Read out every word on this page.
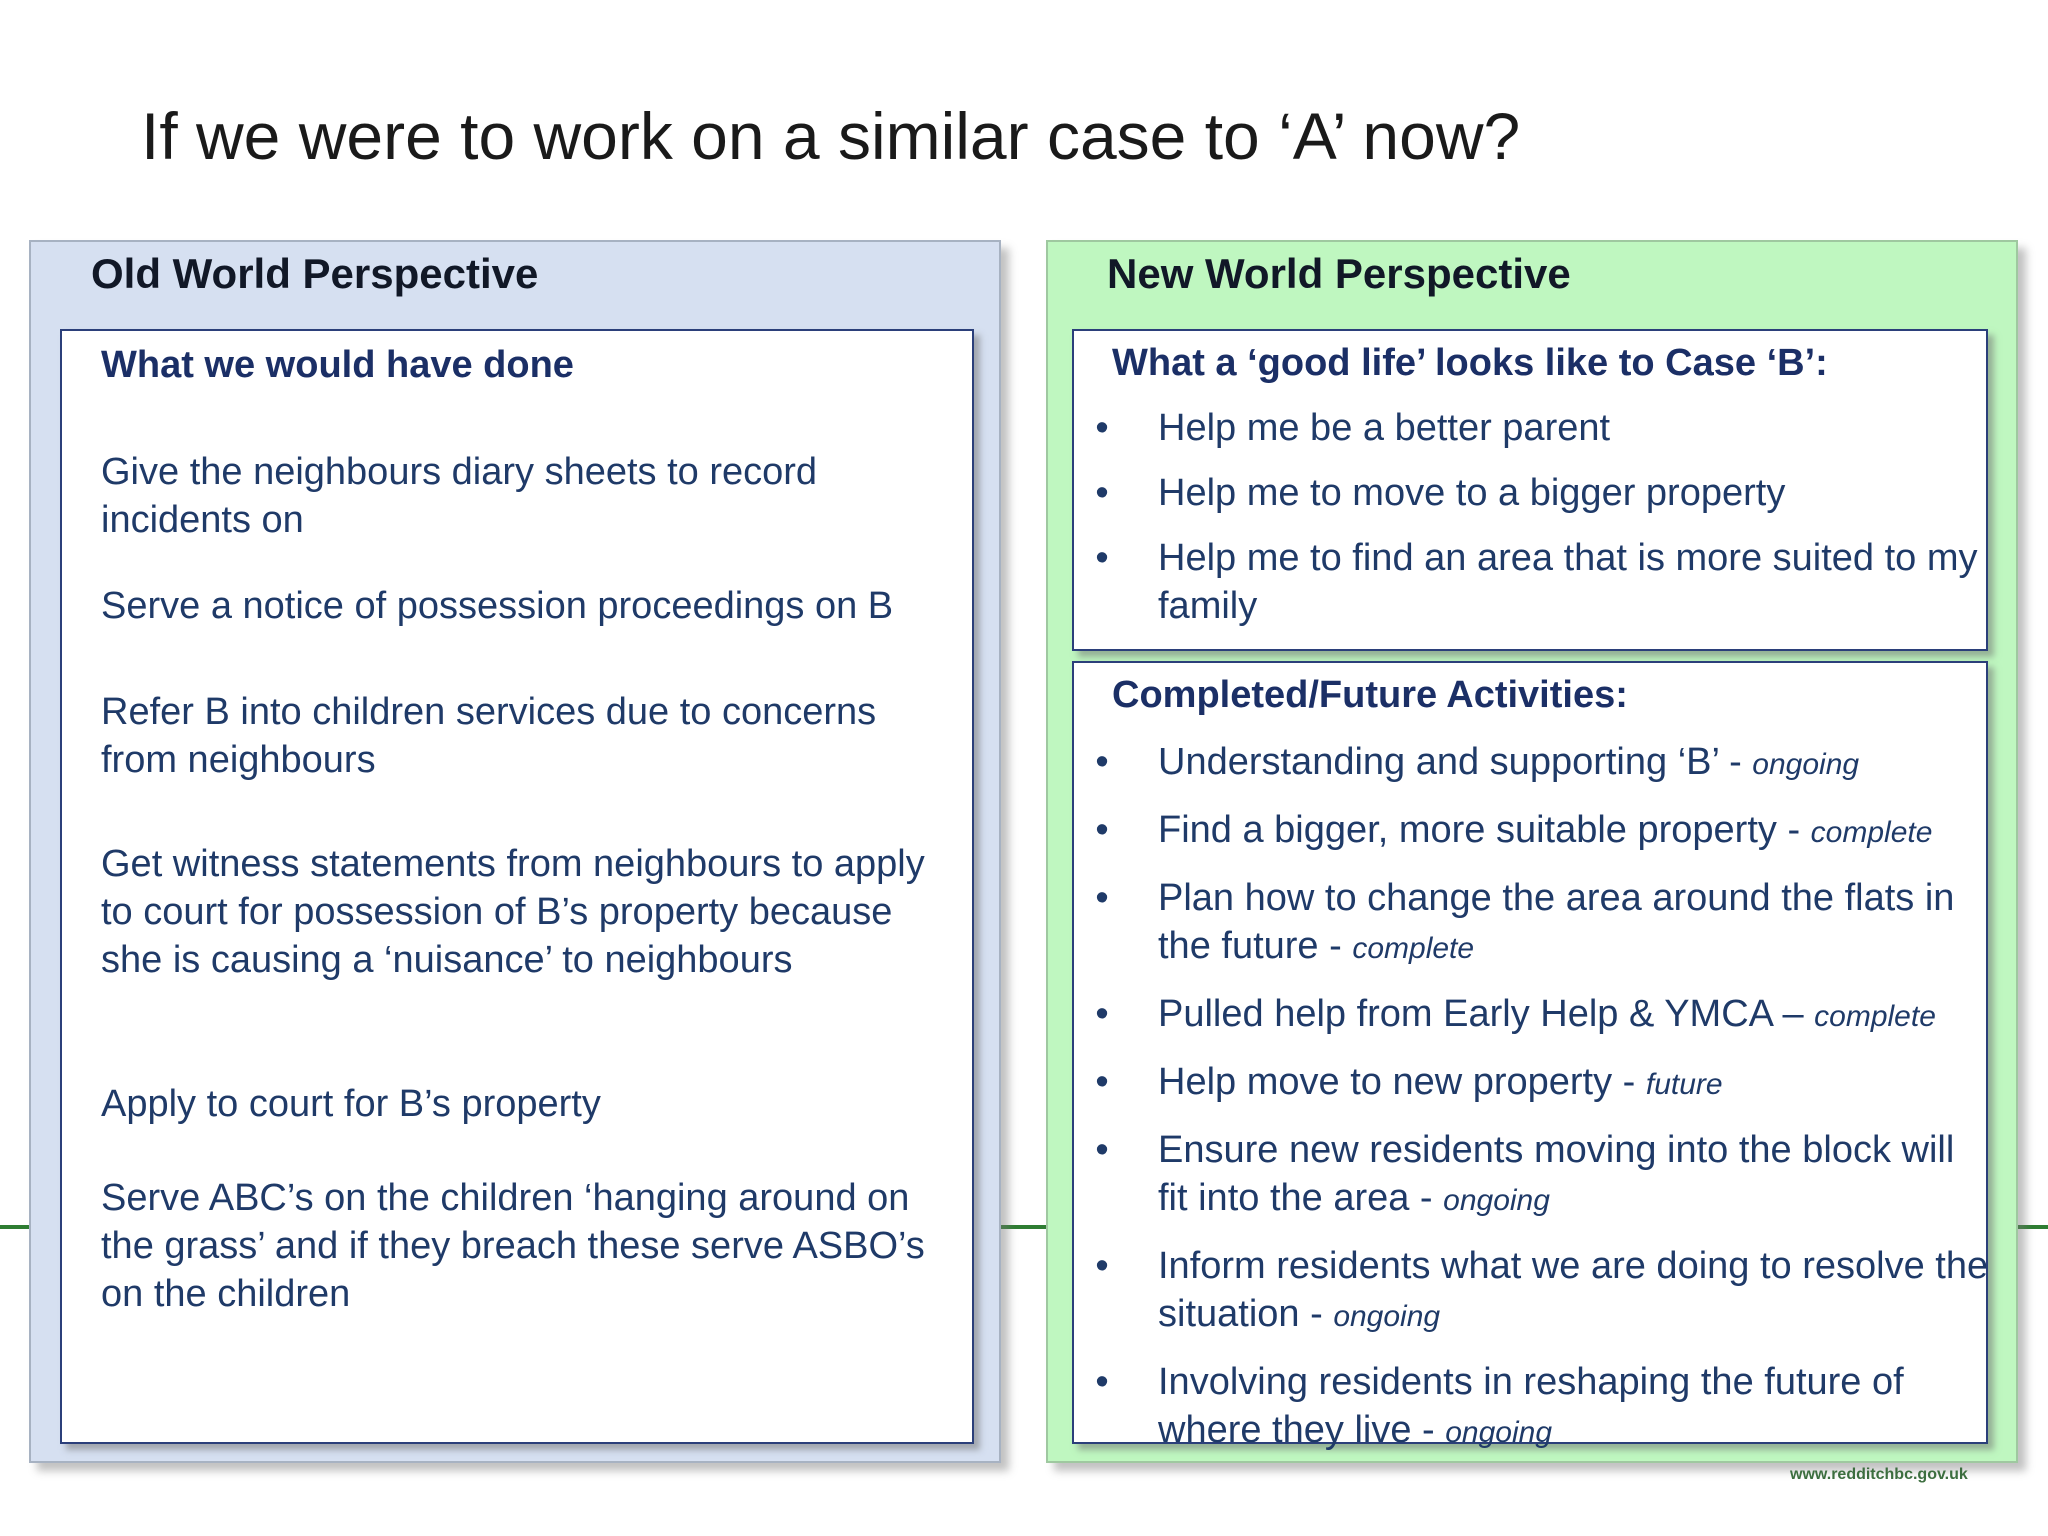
If we were to work on a similar case to ‘A’ now?
Old World Perspective
What we would have done
Give the neighbours diary sheets to record incidents on
Serve a notice of possession proceedings on B
Refer B into children services due to concerns from neighbours
Get witness statements from neighbours to apply to court for possession of B’s property because she is causing a ‘nuisance’ to neighbours
Apply to court for B’s property
Serve ABC’s on the children ‘hanging around on the grass’ and if they breach these serve ASBO’s on the children
New World Perspective
What a ‘good life’ looks like to Case ‘B’:
• Help me be a better parent
• Help me to move to a bigger property
• Help me to find an area that is more suited to my family
Completed/Future Activities:
• Understanding and supporting ‘B’ - ongoing
• Find a bigger, more suitable property - complete
• Plan how to change the area around the flats in the future - complete
• Pulled help from Early Help & YMCA – complete
• Help move to new property - future
• Ensure new residents moving into the block will fit into the area - ongoing
• Inform residents what we are doing to resolve the situation - ongoing
• Involving residents in reshaping the future of where they live - ongoing
www.redditchbc.gov.uk
